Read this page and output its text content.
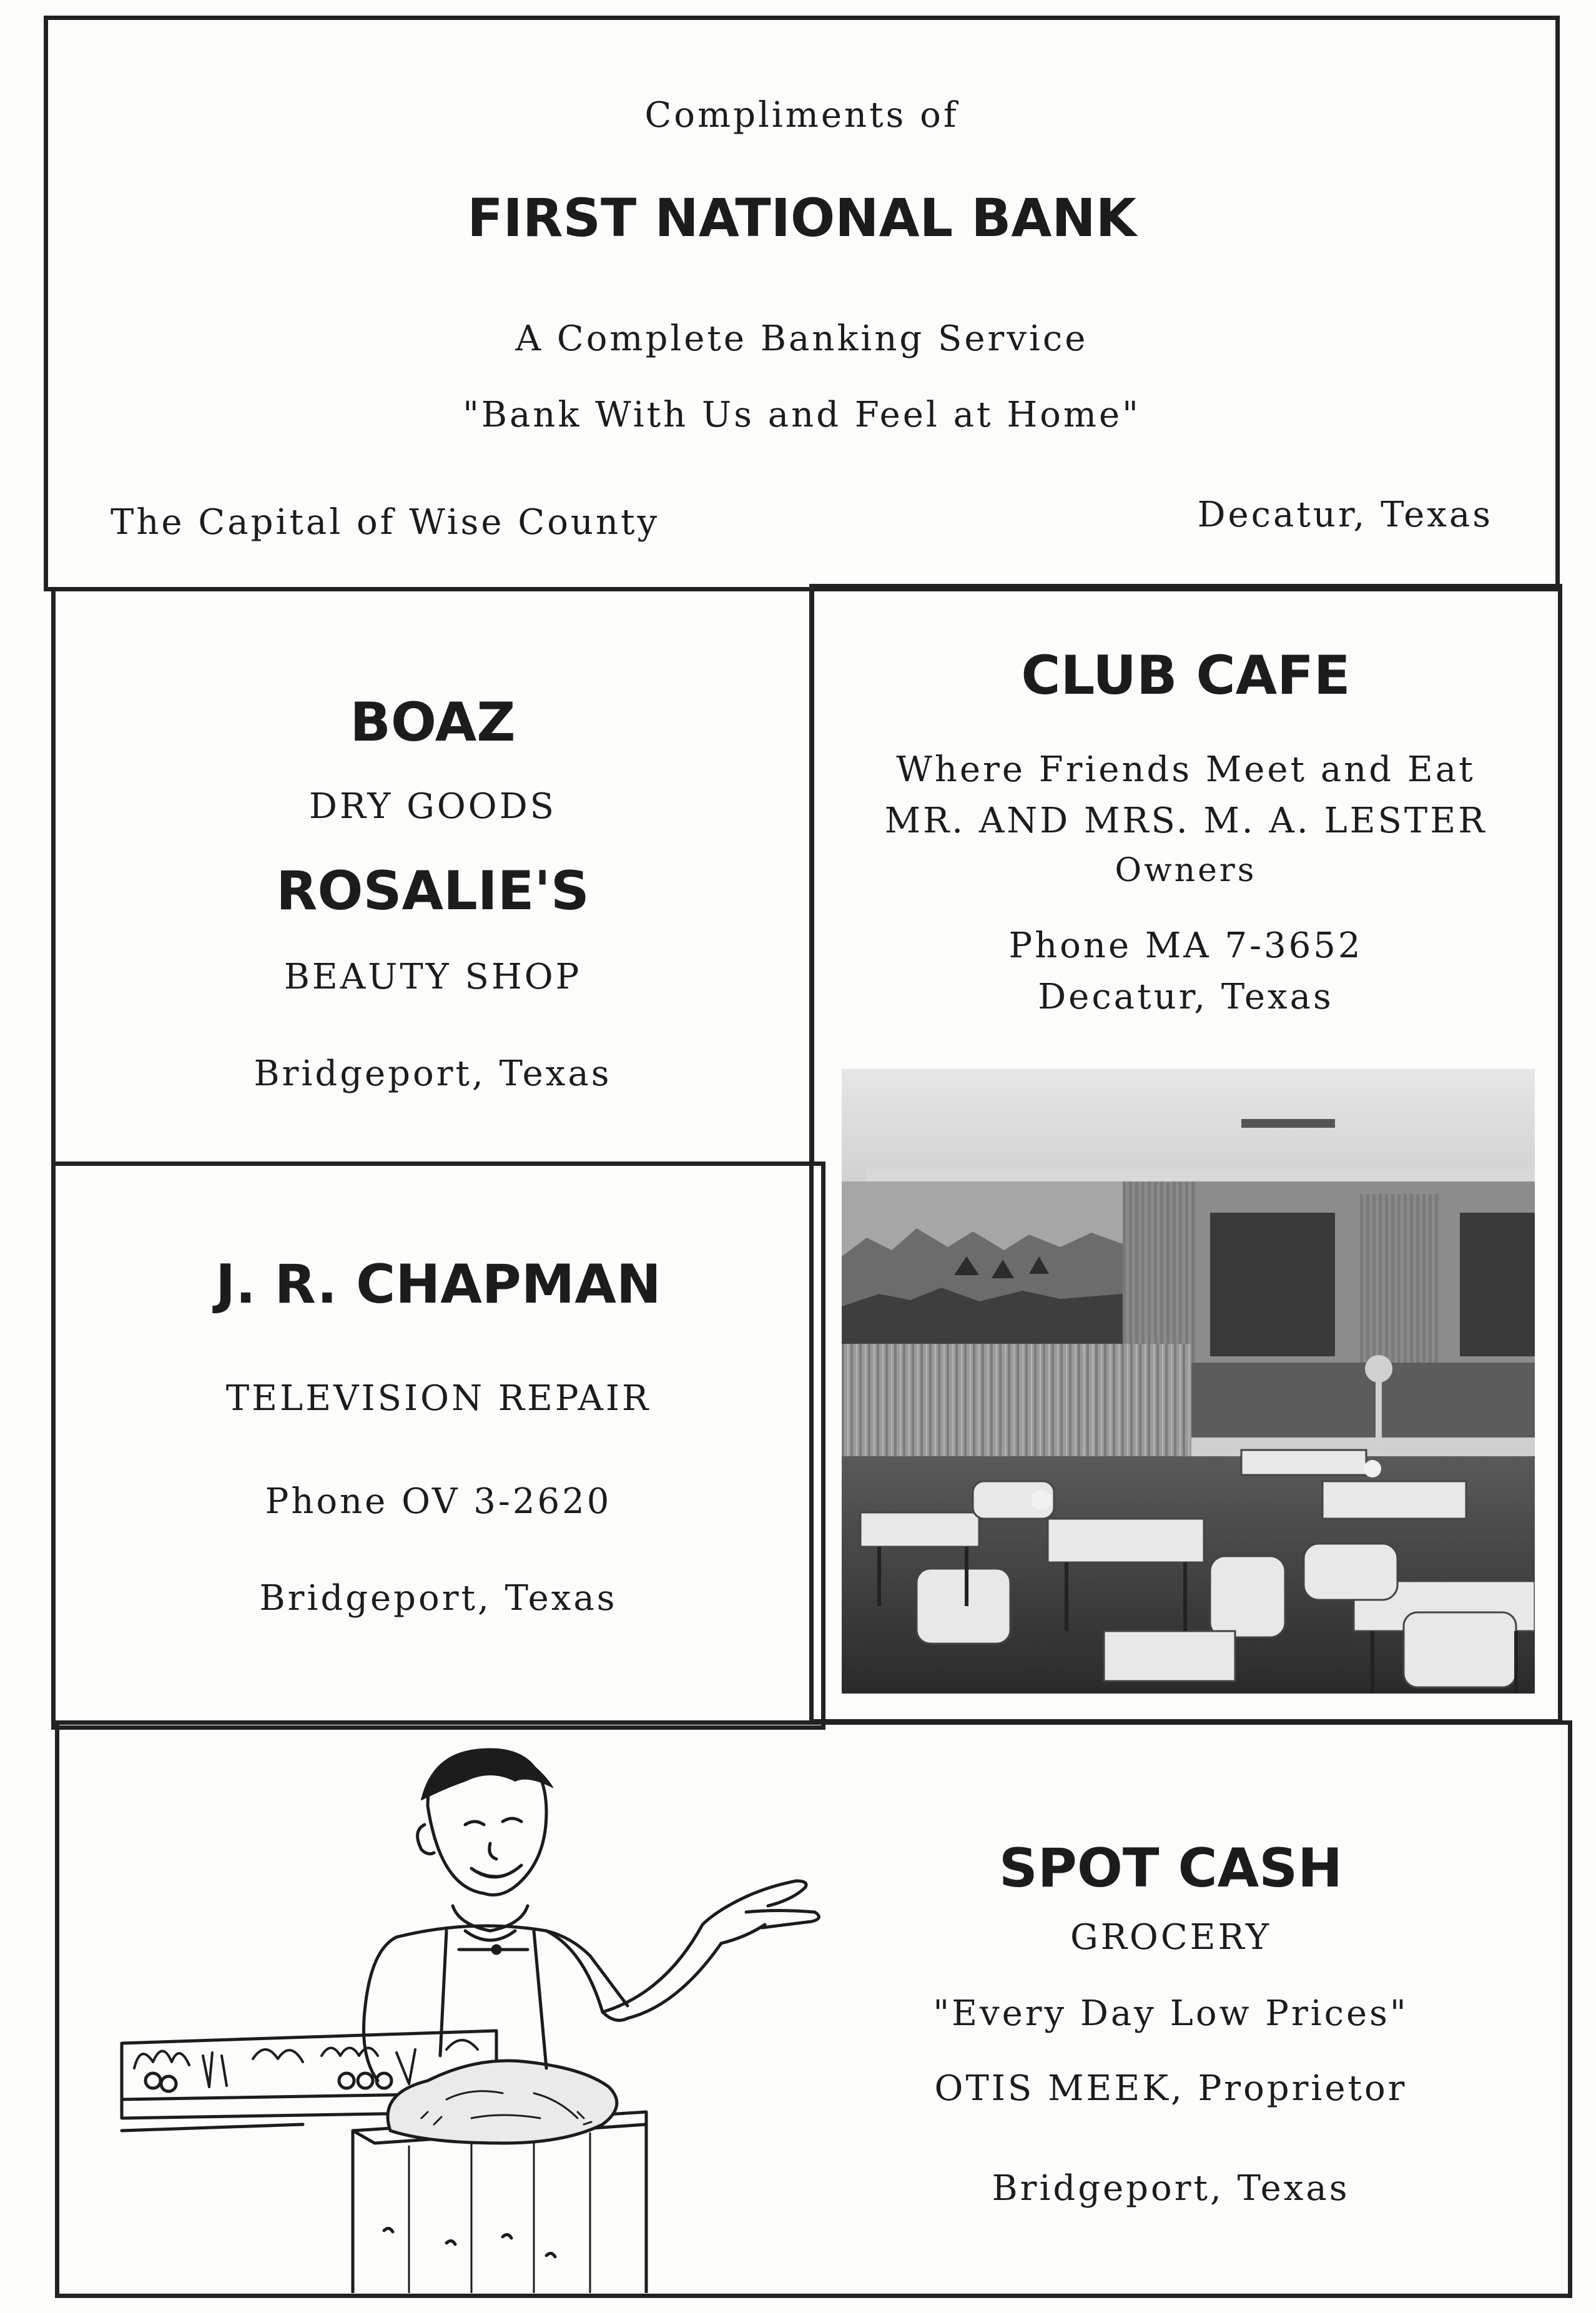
Compliments of
FIRST NATIONAL BANK
A Complete Banking Service
"Bank With Us and Feel at Home"
The Capital of Wise County	Decatur, Texas
BOAZ
DRY GOODS
ROSALIE'S
BEAUTY SHOP
Bridgeport, Texas
CLUB CAFE
Where Friends Meet and Eat
MR. AND MRS. M. A. LESTER
Owners
Phone MA 7-3652
Decatur, Texas
J. R. CHAPMAN
TELEVISION REPAIR
Phone OV 3-2620
Bridgeport, Texas
SPOT CASH
GROCERY
"Every Day Low Prices"
OTIS MEEK, Proprietor
Bridgeport, Texas
